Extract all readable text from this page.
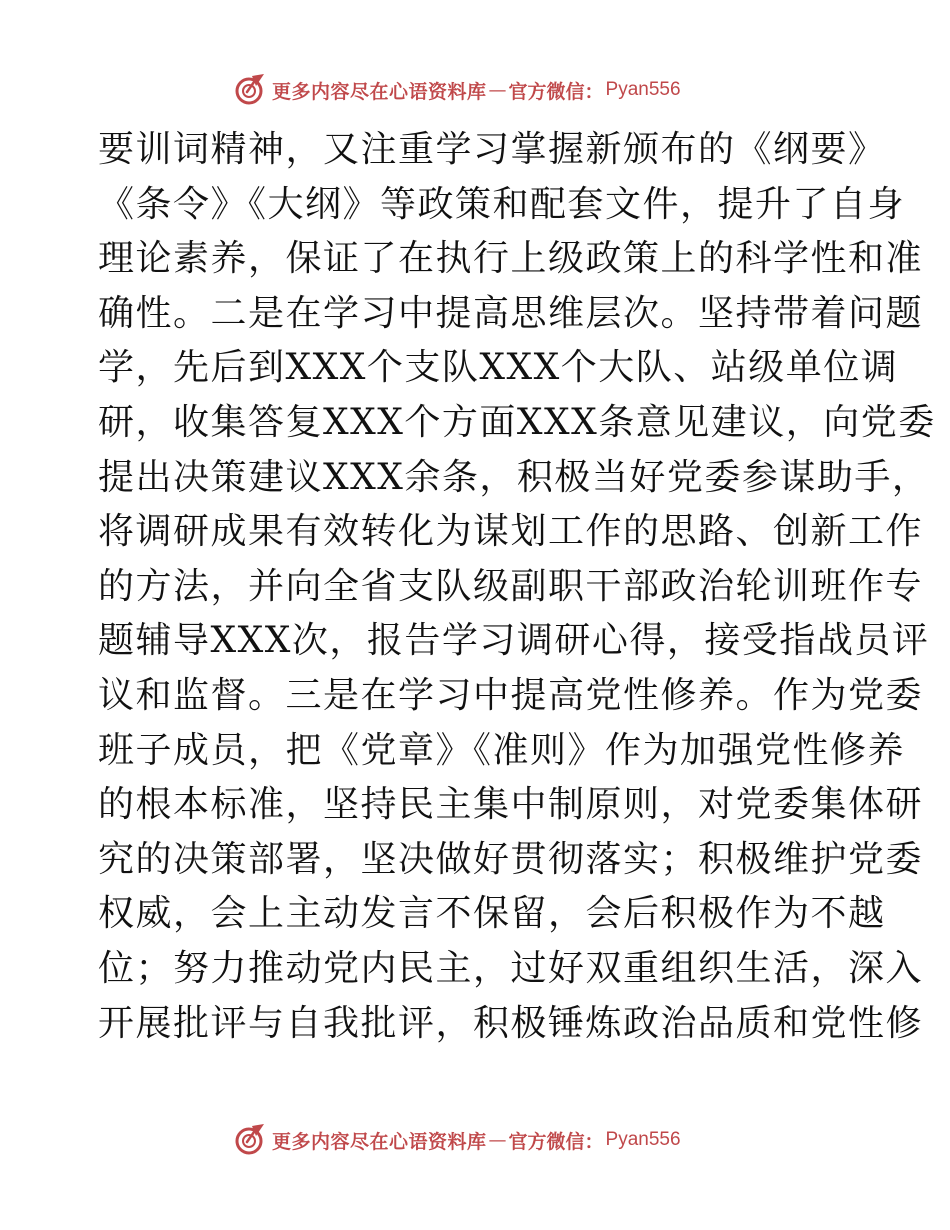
更多内容尽在心语资料库 — 官方微信： Pyan556
要训词精神，又注重学习掌握新颁布的《纲要》
《条令》《大纲》等政策和配套文件，提升了自身
理论素养，保证了在执行上级政策上的科学性和准
确性。二是在学习中提高思维层次。坚持带着问题
学，先后到XXX个支队XXX个大队、站级单位调
研，收集答复XXX个方面XXX条意见建议，向党委
提出决策建议XXX余条，积极当好党委参谋助手，
将调研成果有效转化为谋划工作的思路、创新工作
的方法，并向全省支队级副职干部政治轮训班作专
题辅导XXX次，报告学习调研心得，接受指战员评
议和监督。三是在学习中提高党性修养。作为党委
班子成员，把《党章》《准则》作为加强党性修养
的根本标准，坚持民主集中制原则，对党委集体研
究的决策部署，坚决做好贯彻落实；积极维护党委
权威，会上主动发言不保留，会后积极作为不越
位；努力推动党内民主，过好双重组织生活，深入
开展批评与自我批评，积极锤炼政治品质和党性修
更多内容尽在心语资料库 — 官方微信： Pyan556
